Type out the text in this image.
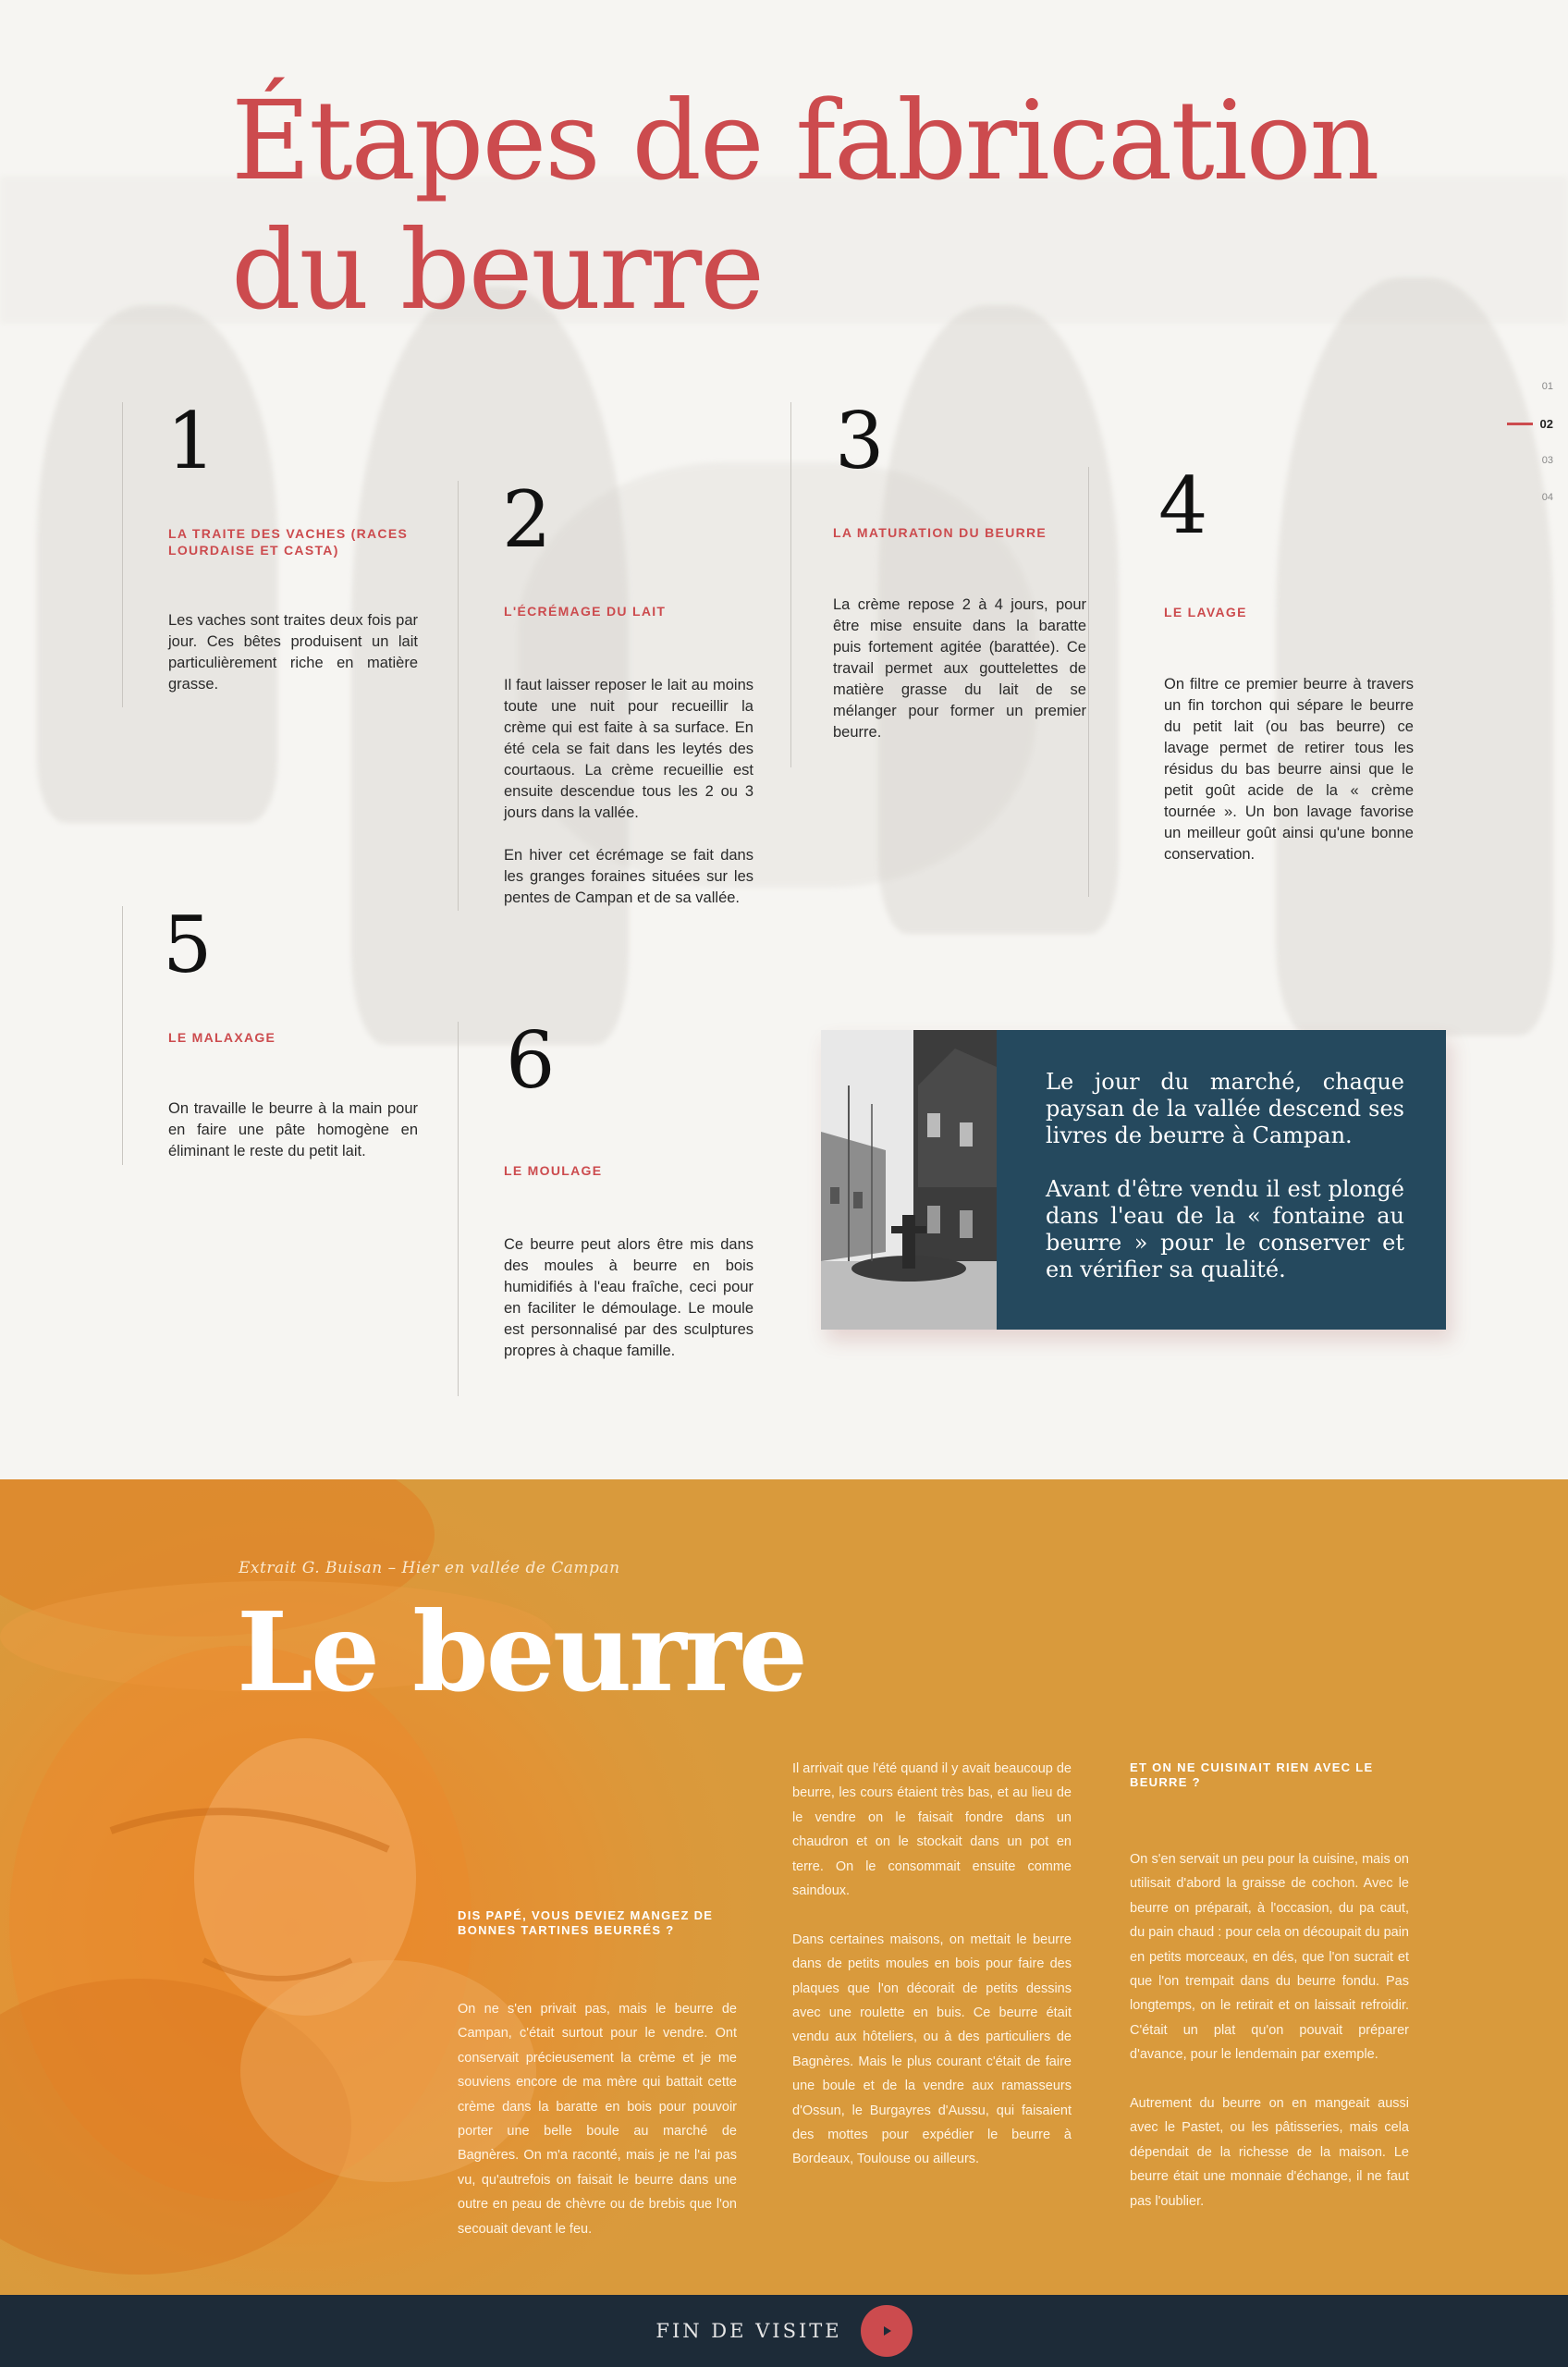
Étapes de fabrication
du beurre
01
02
03
04
1
LA TRAITE DES VACHES (RACES LOURDAISE ET CASTA)

Les vaches sont traites deux fois par jour. Ces bêtes produisent un lait particulièrement riche en matière grasse.

2
L'ÉCRÉMAGE DU LAIT

Il faut laisser reposer le lait au moins toute une nuit pour recueillir la crème qui est faite à sa surface. En été cela se fait dans les leytés des courtaous. La crème recueillie est ensuite descendue tous les 2 ou 3 jours dans la vallée.

En hiver cet écrémage se fait dans les granges foraines situées sur les pentes de Campan et de sa vallée.

3
LA MATURATION DU BEURRE

La crème repose 2 à 4 jours, pour être mise ensuite dans la baratte puis fortement agitée (barattée). Ce travail permet aux gouttelettes de matière grasse du lait de se mélanger pour former un premier beurre.

4
LE LAVAGE

On filtre ce premier beurre à travers un fin torchon qui sépare le beurre du petit lait (ou bas beurre) ce lavage permet de retirer tous les résidus du bas beurre ainsi que le petit goût acide de la « crème tournée ». Un bon lavage favorise un meilleur goût ainsi qu'une bonne conservation.

5
LE MALAXAGE

On travaille le beurre à la main pour en faire une pâte homogène en éliminant le reste du petit lait.

6
LE MOULAGE

Ce beurre peut alors être mis dans des moules à beurre en bois humidifiés à l'eau fraîche, ceci pour en faciliter le démoulage. Le moule est personnalisé par des sculptures propres à chaque famille.

Le jour du marché, chaque paysan de la vallée descend ses livres de beurre à Campan.

Avant d'être vendu il est plongé dans l'eau de la « fontaine au beurre » pour le conserver et en vérifier sa qualité.

Extrait G. Buisan – Hier en vallée de Campan
Le beurre
DIS PAPÉ, VOUS DEVIEZ MANGEZ DE BONNES TARTINES BEURRÉS ?

On ne s'en privait pas, mais le beurre de Campan, c'était surtout pour le vendre. Ont conservait précieusement la crème et je me souviens encore de ma mère qui battait cette crème dans la baratte en bois pour pouvoir porter une belle boule au marché de Bagnères. On m'a raconté, mais je ne l'ai pas vu, qu'autrefois on faisait le beurre dans une outre en peau de chèvre ou de brebis que l'on secouait devant le feu.

Il arrivait que l'été quand il y avait beaucoup de beurre, les cours étaient très bas, et au lieu de le vendre on le faisait fondre dans un chaudron et on le stockait dans un pot en terre. On le consommait ensuite comme saindoux.

Dans certaines maisons, on mettait le beurre dans de petits moules en bois pour faire des plaques que l'on décorait de petits dessins avec une roulette en buis. Ce beurre était vendu aux hôteliers, ou à des particuliers de Bagnères. Mais le plus courant c'était de faire une boule et de la vendre aux ramasseurs d'Ossun, le Burgayres d'Aussu, qui faisaient des mottes pour expédier le beurre à Bordeaux, Toulouse ou ailleurs.

ET ON NE CUISINAIT RIEN AVEC LE BEURRE ?

On s'en servait un peu pour la cuisine, mais on utilisait d'abord la graisse de cochon. Avec le beurre on préparait, à l'occasion, du pa caut, du pain chaud : pour cela on découpait du pain en petits morceaux, en dés, que l'on sucrait et que l'on trempait dans du beurre fondu. Pas longtemps, on le retirait et on laissait refroidir. C'était un plat qu'on pouvait préparer d'avance, pour le lendemain par exemple.

Autrement du beurre on en mangeait aussi avec le Pastet, ou les pâtisseries, mais cela dépendait de la richesse de la maison. Le beurre était une monnaie d'échange, il ne faut pas l'oublier.

FIN DE VISITE
